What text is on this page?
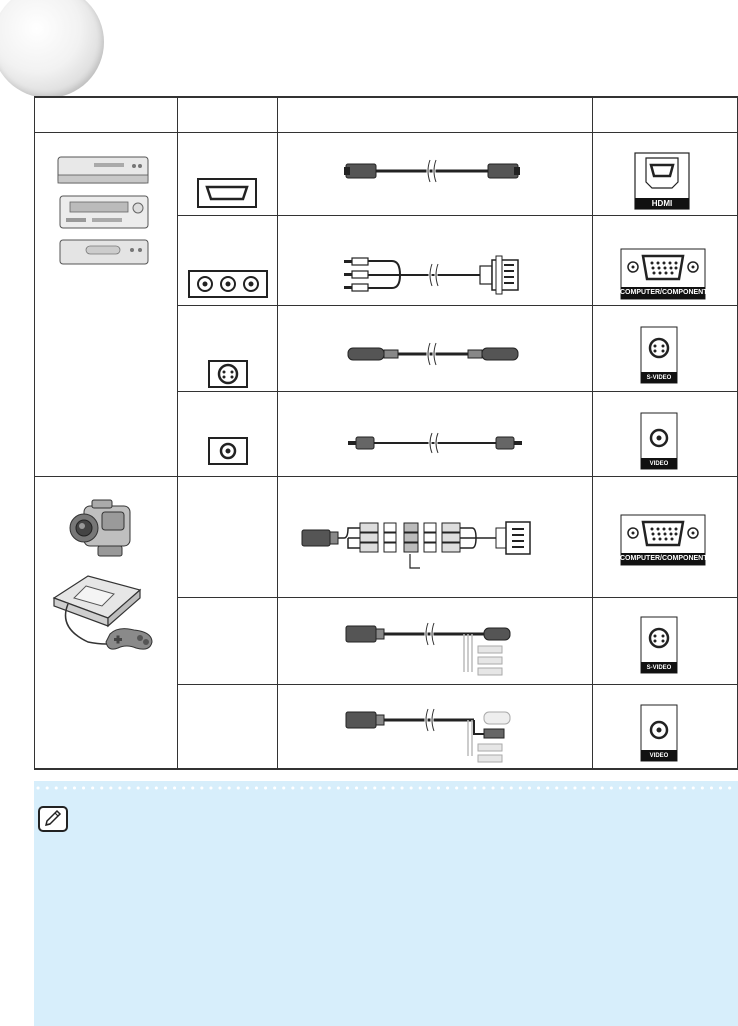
HDMI
COMPUTER/COMPONENT 1
S-VIDEO
VIDEO
COMPUTER/COMPONENT 1
S-VIDEO
VIDEO
